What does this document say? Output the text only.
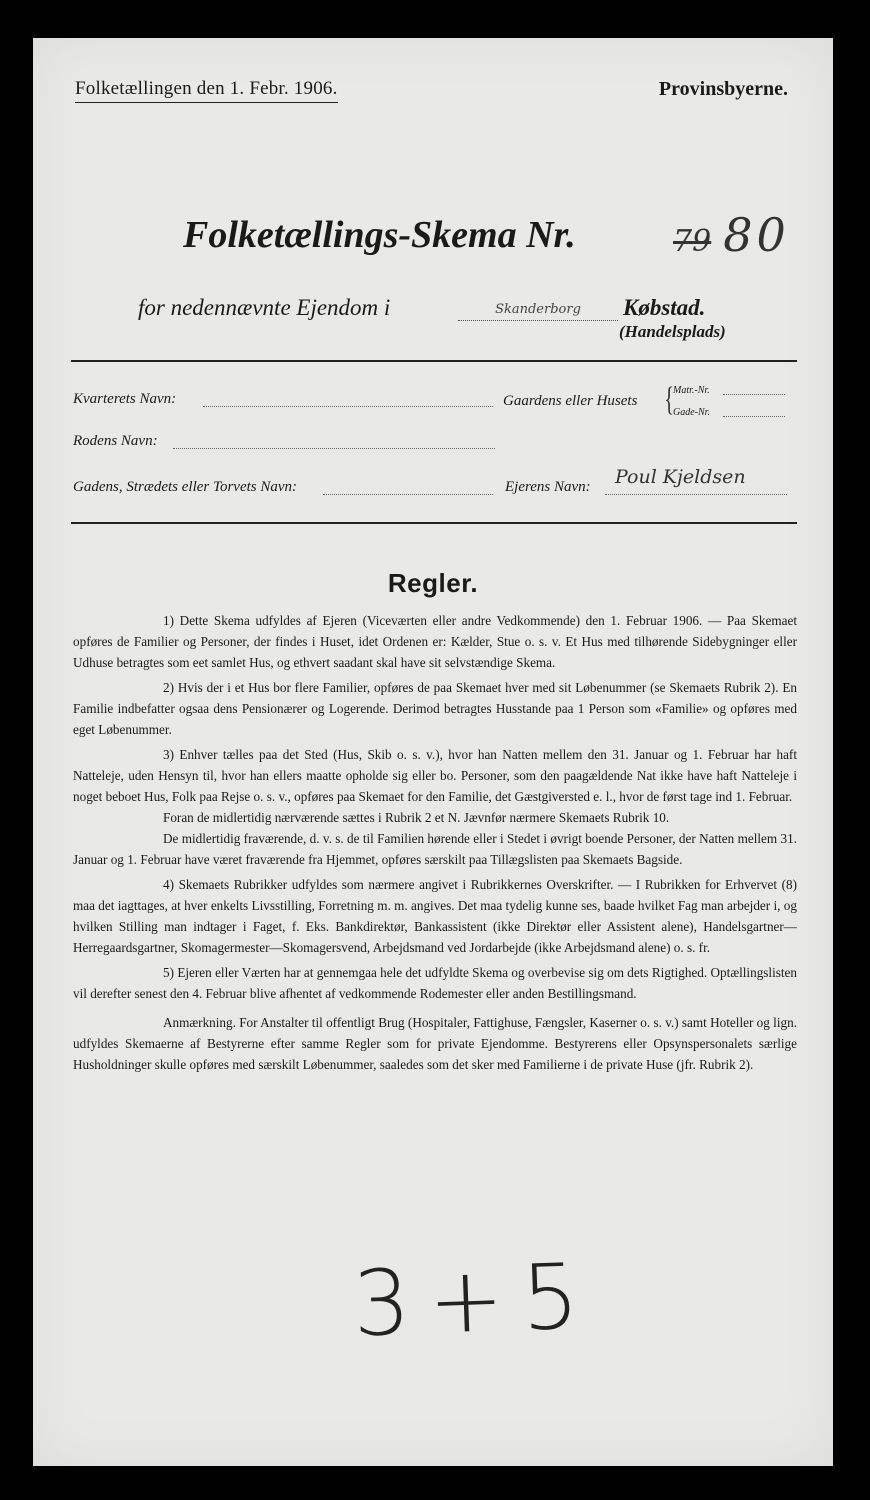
Folketællingen den 1. Febr. 1906.	Provinsbyerne.
Folketællings-Skema Nr.	79 80
for nedennævnte Ejendom i	Skanderborg	Købstad.
(Handelsplads)
Kvarterets Navn:	Gaardens eller Husets {
Matr.-Nr.
Gade-Nr.
Rodens Navn:
Gadens, Strædets eller Torvets Navn:	Ejerens Navn: Poul Kjeldsen
Regler.

1) Dette Skema udfyldes af Ejeren (Viceværten eller andre Vedkommende) den 1. Februar 1906. — Paa Skemaet opføres de Familier og Personer, der findes i Huset, idet Ordenen er: Kælder, Stue o. s. v. Et Hus med tilhørende Sidebygninger eller Udhuse betragtes som eet samlet Hus, og ethvert saadant skal have sit selvstændige Skema.

2) Hvis der i et Hus bor flere Familier, opføres de paa Skemaet hver med sit Løbenummer (se Skemaets Rubrik 2). En Familie indbefatter ogsaa dens Pensionærer og Logerende. Derimod betragtes Husstande paa 1 Person som «Familie» og opføres med eget Løbenummer.

3) Enhver tælles paa det Sted (Hus, Skib o. s. v.), hvor han Natten mellem den 31. Januar og 1. Februar har haft Natteleje, uden Hensyn til, hvor han ellers maatte opholde sig eller bo. Personer, som den paagældende Nat ikke have haft Natteleje i noget beboet Hus, Folk paa Rejse o. s. v., opføres paa Skemaet for den Familie, det Gæstgiversted e. l., hvor de først tage ind 1. Februar.

Foran de midlertidig nærværende sættes i Rubrik 2 et N. Jævnfør nærmere Skemaets Rubrik 10.

De midlertidig fraværende, d. v. s. de til Familien hørende eller i Stedet i øvrigt boende Personer, der Natten mellem 31. Januar og 1. Februar have været fraværende fra Hjemmet, opføres særskilt paa Tillægslisten paa Skemaets Bagside.

4) Skemaets Rubrikker udfyldes som nærmere angivet i Rubrikkernes Overskrifter. — I Rubrikken for Erhvervet (8) maa det iagttages, at hver enkelts Livsstilling, Forretning m. m. angives. Det maa tydelig kunne ses, baade hvilket Fag man arbejder i, og hvilken Stilling man indtager i Faget, f. Eks. Bankdirektør, Bankassistent (ikke Direktør eller Assistent alene), Handelsgartner—Herregaardsgartner, Skomagermester—Skomagersvend, Arbejdsmand ved Jordarbejde (ikke Arbejdsmand alene) o. s. fr.

5) Ejeren eller Værten har at gennemgaa hele det udfyldte Skema og overbevise sig om dets Rigtighed. Optællingslisten vil derefter senest den 4. Februar blive afhentet af vedkommende Rodemester eller anden Bestillingsmand.

Anmærkning. For Anstalter til offentligt Brug (Hospitaler, Fattighuse, Fængsler, Kaserner o. s. v.) samt Hoteller og lign. udfyldes Skemaerne af Bestyrerne efter samme Regler som for private Ejendomme. Bestyrerens eller Opsynspersonalets særlige Husholdninger skulle opføres med særskilt Løbenummer, saaledes som det sker med Familierne i de private Huse (jfr. Rubrik 2).

3+5
